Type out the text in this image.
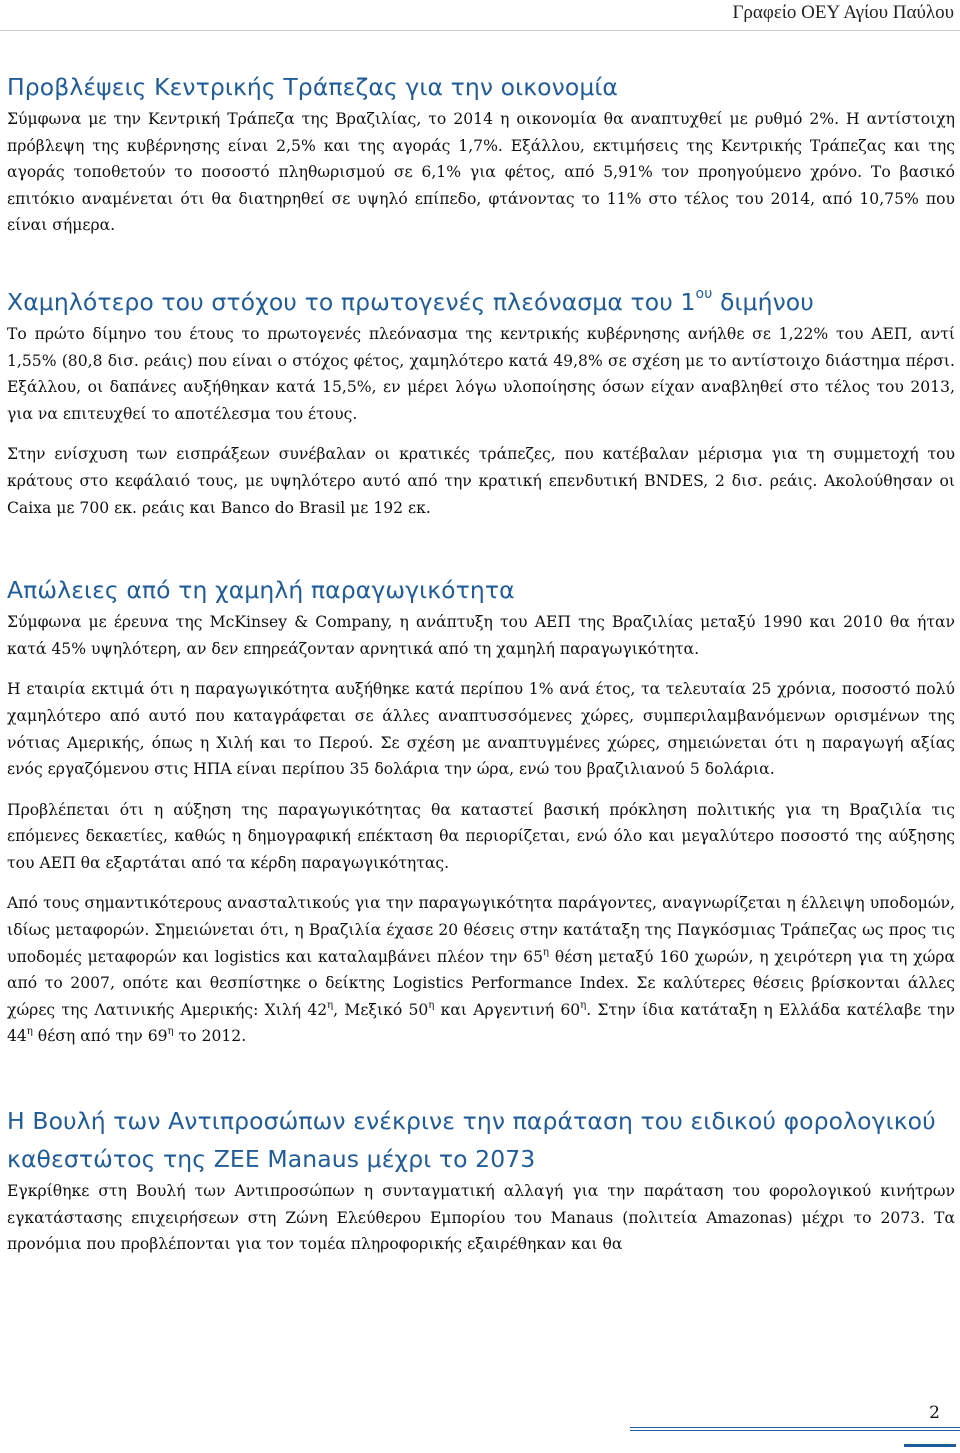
Γραφείο ΟΕΥ Αγίου Παύλου
Προβλέψεις Κεντρικής Τράπεζας για την οικονομία

Σύμφωνα με την Κεντρική Τράπεζα της Βραζιλίας, το 2014 η οικονομία θα αναπτυχθεί με ρυθμό 2%. Η αντίστοιχη πρόβλεψη της κυβέρνησης είναι 2,5% και της αγοράς 1,7%. Εξάλλου, εκτιμήσεις της Κεντρικής Τράπεζας και της αγοράς τοποθετούν το ποσοστό πληθωρισμού σε 6,1% για φέτος, από 5,91% τον προηγούμενο χρόνο. Το βασικό επιτόκιο αναμένεται ότι θα διατηρηθεί σε υψηλό επίπεδο, φτάνοντας το 11% στο τέλος του 2014, από 10,75% που είναι σήμερα.

Χαμηλότερο του στόχου το πρωτογενές πλεόνασμα του $1^{o\upsilon}$ διμήνου

Το πρώτο δίμηνο του έτους το πρωτογενές πλεόνασμα της κεντρικής κυβέρνησης ανήλθε σε 1,22% του ΑΕΠ, αντί 1,55% (80,8 δισ. ρεάις) που είναι ο στόχος φέτος, χαμηλότερο κατά 49,8% σε σχέση με το αντίστοιχο διάστημα πέρσι. Εξάλλου, οι δαπάνες αυξήθηκαν κατά 15,5%, εν μέρει λόγω υλοποίησης όσων είχαν αναβληθεί στο τέλος του 2013, για να επιτευχθεί το αποτέλεσμα του έτους.

Στην ενίσχυση των εισπράξεων συνέβαλαν οι κρατικές τράπεζες, που κατέβαλαν μέρισμα για τη συμμετοχή του κράτους στο κεφάλαιό τους, με υψηλότερο αυτό από την κρατική επενδυτική BNDES, 2 δισ. ρεάις. Ακολούθησαν οι Caixa με 700 εκ. ρεάις και Banco do Brasil με 192 εκ.

Απώλειες από τη χαμηλή παραγωγικότητα

Σύμφωνα με έρευνα της McKinsey & Company, η ανάπτυξη του ΑΕΠ της Βραζιλίας μεταξύ 1990 και 2010 θα ήταν κατά 45% υψηλότερη, αν δεν επηρεάζονταν αρνητικά από τη χαμηλή παραγωγικότητα.

Η εταιρία εκτιμά ότι η παραγωγικότητα αυξήθηκε κατά περίπου 1% ανά έτος, τα τελευταία 25 χρόνια, ποσοστό πολύ χαμηλότερο από αυτό που καταγράφεται σε άλλες αναπτυσσόμενες χώρες, συμπεριλαμβανόμενων ορισμένων της νότιας Αμερικής, όπως η Χιλή και το Περού. Σε σχέση με αναπτυγμένες χώρες, σημειώνεται ότι η παραγωγή αξίας ενός εργαζόμενου στις ΗΠΑ είναι περίπου 35 δολάρια την ώρα, ενώ του βραζιλιανού 5 δολάρια.

Προβλέπεται ότι η αύξηση της παραγωγικότητας θα καταστεί βασική πρόκληση πολιτικής για τη Βραζιλία τις επόμενες δεκαετίες, καθώς η δημογραφική επέκταση θα περιορίζεται, ενώ όλο και μεγαλύτερο ποσοστό της αύξησης του ΑΕΠ θα εξαρτάται από τα κέρδη παραγωγικότητας.

Από τους σημαντικότερους ανασταλτικούς για την παραγωγικότητα παράγοντες, αναγνωρίζεται η έλλειψη υποδομών, ιδίως μεταφορών. Σημειώνεται ότι, η Βραζιλία έχασε 20 θέσεις στην κατάταξη της Παγκόσμιας Τράπεζας ως προς τις υποδομές μεταφορών και logistics και καταλαμβάνει πλέον την $65^\eta$ θέση μεταξύ 160 χωρών, η χειρότερη για τη χώρα από το 2007, οπότε και θεσπίστηκε ο δείκτης Logistics Performance Index. Σε καλύτερες θέσεις βρίσκονται άλλες χώρες της Λατινικής Αμερικής: Χιλή $42^\eta$, Μεξικό $50^\eta$ και Αργεντινή $60^\eta$. Στην ίδια κατάταξη η Ελλάδα κατέλαβε την $44^\eta$ θέση από την $69^\eta$ το 2012.

Η Βουλή των Αντιπροσώπων ενέκρινε την παράταση του ειδικού φορολογικού καθεστώτος της ΖΕΕ Manaus μέχρι το 2073

Εγκρίθηκε στη Βουλή των Αντιπροσώπων η συνταγματική αλλαγή για την παράταση του φορολογικού κινήτρων εγκατάστασης επιχειρήσεων στη Ζώνη Ελεύθερου Εμπορίου του Manaus (πολιτεία Amazonas) μέχρι το 2073. Τα προνόμια που προβλέπονται για τον τομέα πληροφορικής εξαιρέθηκαν και θα

2
